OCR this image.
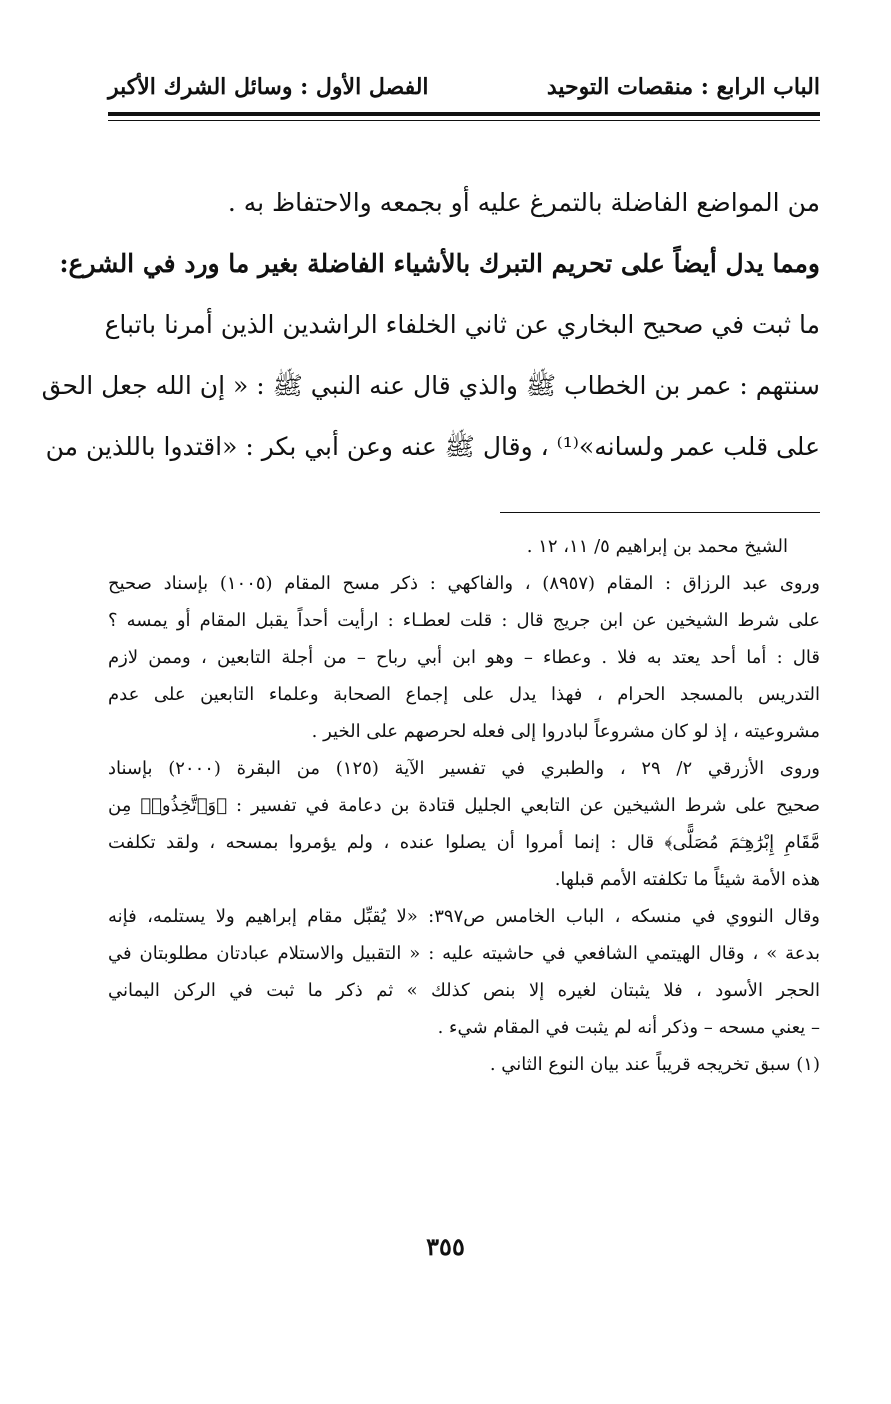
الباب الرابع : منقصات التوحيد
الفصل الأول : وسائل الشرك الأكبر
من المواضع الفاضلة بالتمرغ عليه أو بجمعه والاحتفاظ به .
ومما يدل أيضاً على تحريم التبرك بالأشياء الفاضلة بغير ما ورد في الشرع:
ما ثبت في صحيح البخاري عن ثاني الخلفاء الراشدين الذين أمرنا باتباع
سنتهم : عمر بن الخطاب ﷺ والذي قال عنه النبي ﷺ : « إن الله جعل الحق
على قلب عمر ولسانه»⁽¹⁾ ، وقال ﷺ عنه وعن أبي بكر : «اقتدوا باللذين من
الشيخ محمد بن إبراهيم ٥/ ١١، ١٢ .
وروى عبد الرزاق : المقام (٨٩٥٧) ، والفاكهي : ذكر مسح المقام (١٠٠٥) بإسناد صحيح
على شرط الشيخين عن ابن جريج قال : قلت لعطـاء : ارأيت أحداً يقبل المقام أو يمسه ؟
قال : أما أحد يعتد به فلا . وعطاء – وهو ابن أبي رباح – من أجلة التابعين ، وممن لازم
التدريس بالمسجد الحرام ، فهذا يدل على إجماع الصحابة وعلماء التابعين على عدم
مشروعيته ، إذ لو كان مشروعاً لبادروا إلى فعله لحرصهم على الخير .
وروى الأزرقي ٢/ ٢٩ ، والطبري في تفسير الآية (١٢٥) من البقرة (٢٠٠٠) بإسناد
صحيح على شرط الشيخين عن التابعي الجليل قتادة بن دعامة في تفسير : ﴿وَٱتَّخِذُوا۟ مِن
مَّقَامِ إِبْرَٰهِـۧمَ مُصَلًّى﴾ قال : إنما أمروا أن يصلوا عنده ، ولم يؤمروا بمسحه ، ولقد تكلفت
هذه الأمة شيئاً ما تكلفته الأمم قبلها.
وقال النووي في منسكه ، الباب الخامس ص٣٩٧: «لا يُقبِّل مقام إبراهيم ولا يستلمه، فإنه
بدعة » ، وقال الهيتمي الشافعي في حاشيته عليه : « التقبيل والاستلام عبادتان مطلوبتان في
الحجر الأسود ، فلا يثبتان لغيره إلا بنص كذلك » ثم ذكر ما ثبت في الركن اليماني
– يعني مسحه – وذكر أنه لم يثبت في المقام شيء .
(١) سبق تخريجه قريباً عند بيان النوع الثاني .
٣٥٥
